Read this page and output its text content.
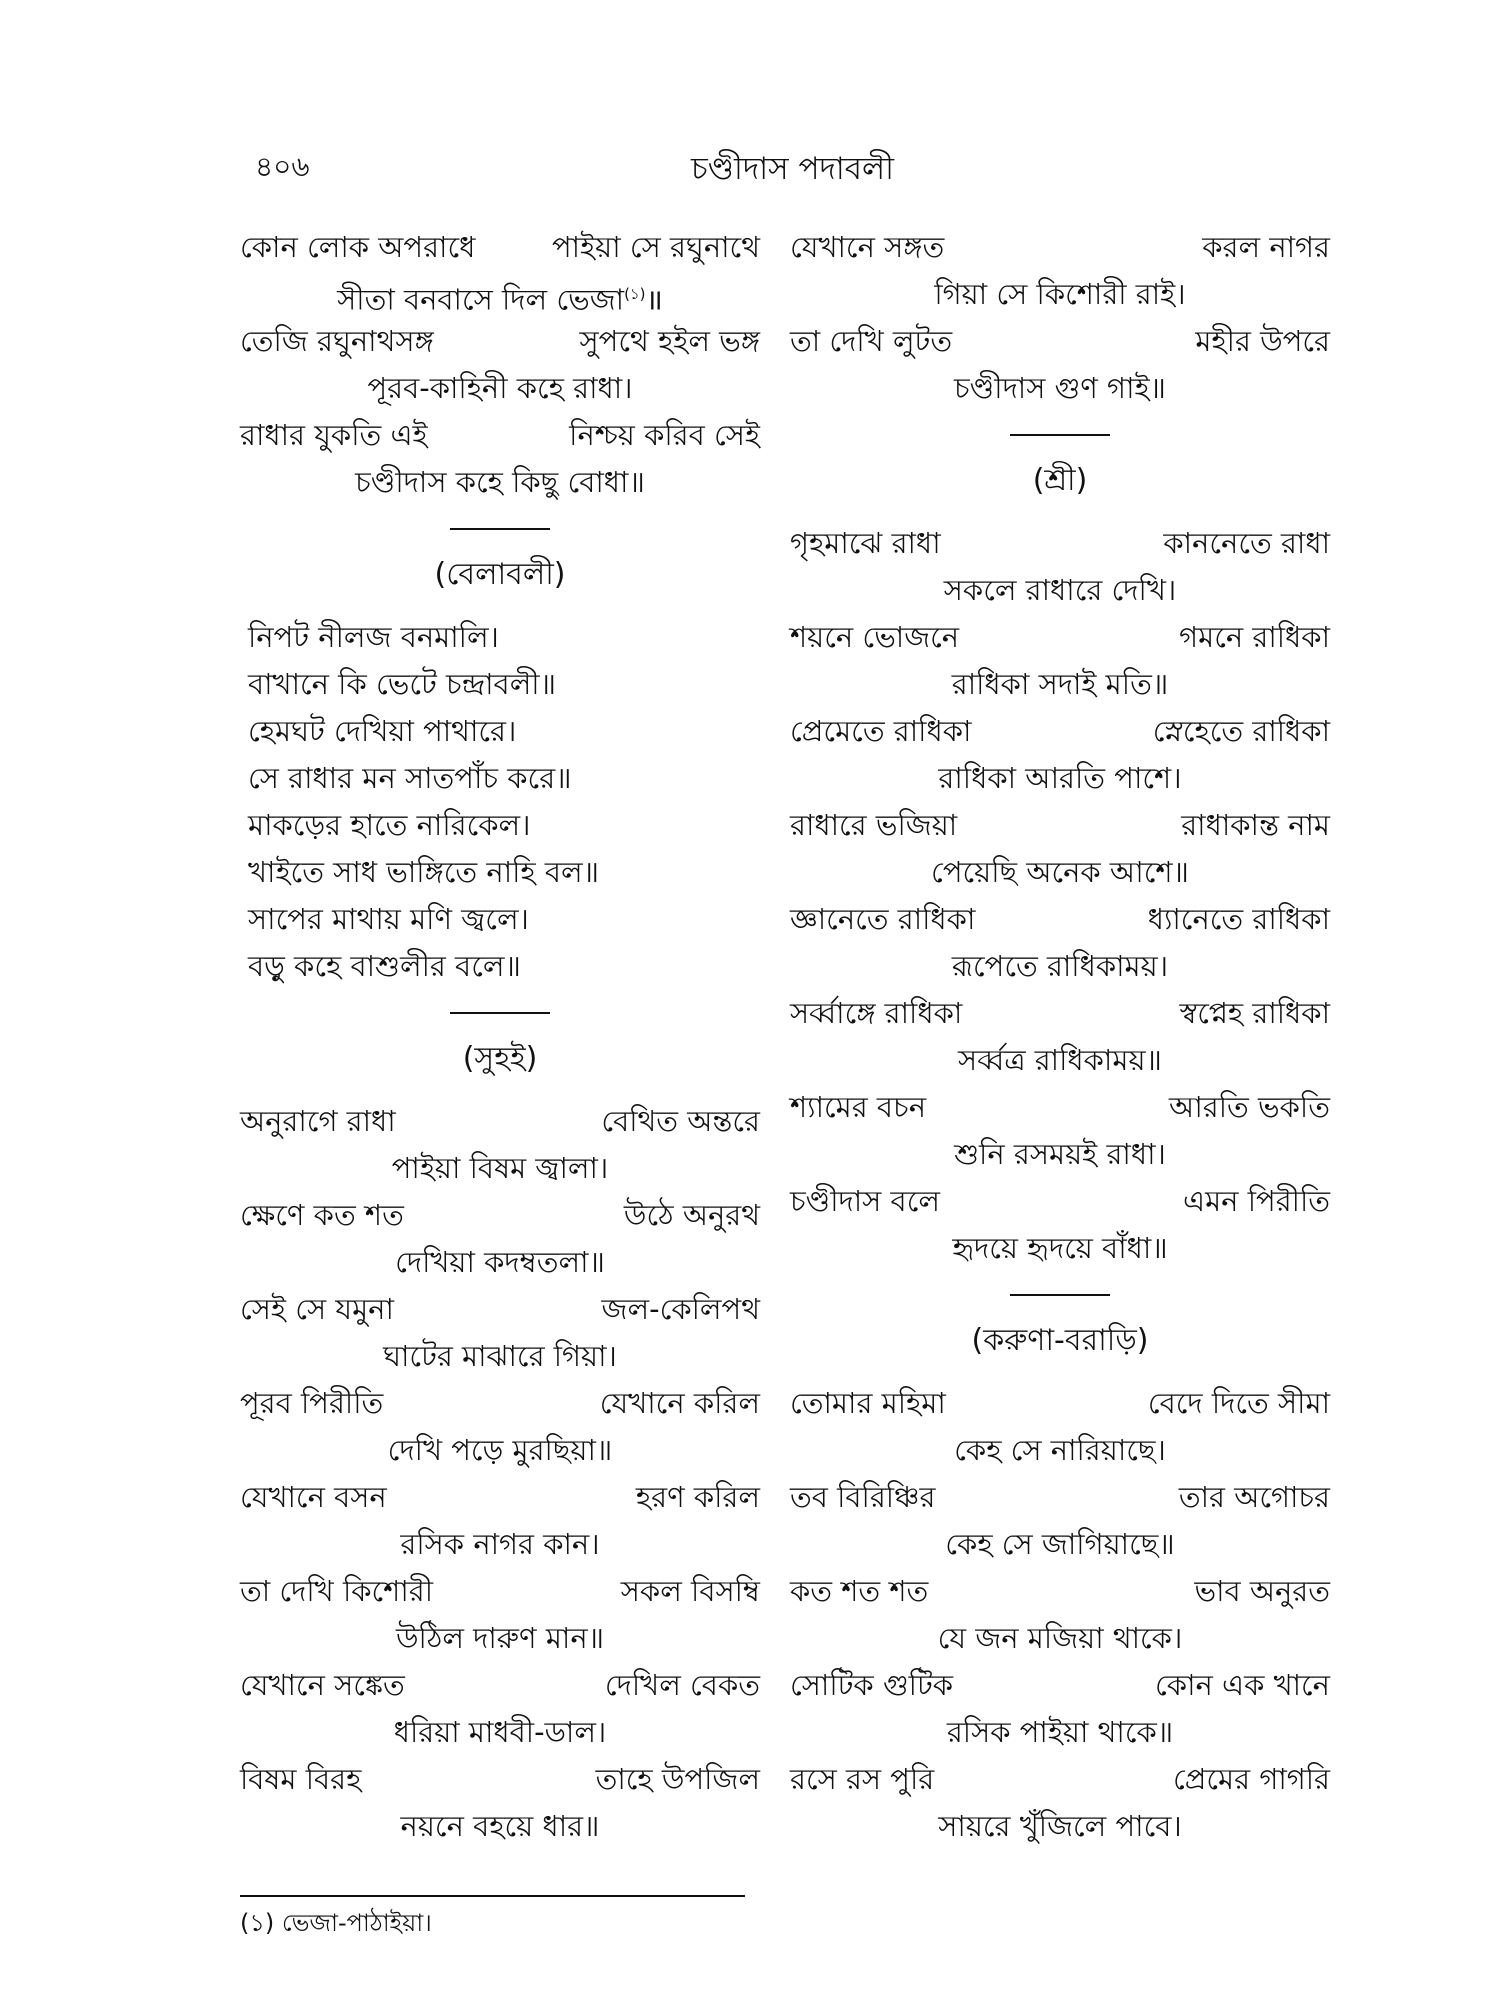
৪০৬	চণ্ডীদাস পদাবলী
কোন লোক অপরাধে	পাইয়া সে রঘুনাথে
সীতা বনবাসে দিল ভেজা$^{(১)}$॥
তেজি রঘুনাথসঙ্গ	সুপথে হইল ভঙ্গ
পূরব-কাহিনী কহে রাধা।
রাধার যুকতি এই	নিশ্চয় করিব সেই
চণ্ডীদাস কহে কিছু বোধা॥
(বেলাবলী)
নিপট নীলজ বনমালি।
বাখানে কি ভেটে চন্দ্রাবলী॥
হেমঘট দেখিয়া পাথারে।
সে রাধার মন সাতপাঁচ করে॥
মাকড়ের হাতে নারিকেল।
খাইতে সাধ ভাঙ্গিতে নাহি বল॥
সাপের মাথায় মণি জ্বলে।
বড়ু কহে বাশুলীর বলে॥
(সুহই)
অনুরাগে রাধা	বেথিত অন্তরে
পাইয়া বিষম জ্বালা।
ক্ষেণে কত শত	উঠে অনুরথ
দেখিয়া কদম্বতলা॥
সেই সে যমুনা	জল-কেলিপথ
ঘাটের মাঝারে গিয়া।
পূরব পিরীতি	যেখানে করিল
দেখি পড়ে মুরছিয়া॥
যেখানে বসন	হরণ করিল
রসিক নাগর কান।
তা দেখি কিশোরী	সকল বিসম্বি
উঠিল দারুণ মান॥
যেখানে সঙ্কেত	দেখিল বেকত
ধরিয়া মাধবী-ডাল।
বিষম বিরহ	তাহে উপজিল
নয়নে বহয়ে ধার॥
যেখানে সঙ্গত	করল নাগর
গিয়া সে কিশোরী রাই।
তা দেখি লুটত	মহীর উপরে
চণ্ডীদাস গুণ গাই॥
(শ্রী)
গৃহমাঝে রাধা	কাননেতে রাধা
সকলে রাধারে দেখি।
শয়নে ভোজনে	গমনে রাধিকা
রাধিকা সদাই মতি॥
প্রেমেতে রাধিকা	স্নেহেতে রাধিকা
রাধিকা আরতি পাশে।
রাধারে ভজিয়া	রাধাকান্ত নাম
পেয়েছি অনেক আশে॥
জ্ঞানেতে রাধিকা	ধ্যানেতে রাধিকা
রূপেতে রাধিকাময়।
সর্ব্বাঙ্গে রাধিকা	স্বপ্নেহ রাধিকা
সর্ব্বত্র রাধিকাময়॥
শ্যামের বচন	আরতি ভকতি
শুনি রসময়ই রাধা।
চণ্ডীদাস বলে	এমন পিরীতি
হৃদয়ে হৃদয়ে বাঁধা॥
(করুণা-বরাড়ি)
তোমার মহিমা	বেদে দিতে সীমা
কেহ সে নারিয়াছে।
তব বিরিঞ্চির	তার অগোচর
কেহ সে জাগিয়াছে॥
কত শত শত	ভাব অনুরত
যে জন মজিয়া থাকে।
সোটিক গুটিক	কোন এক খানে
রসিক পাইয়া থাকে॥
রসে রস পুরি	প্রেমের গাগরি
সায়রে খুঁজিলে পাবে।
(১) ভেজা-পাঠাইয়া।
